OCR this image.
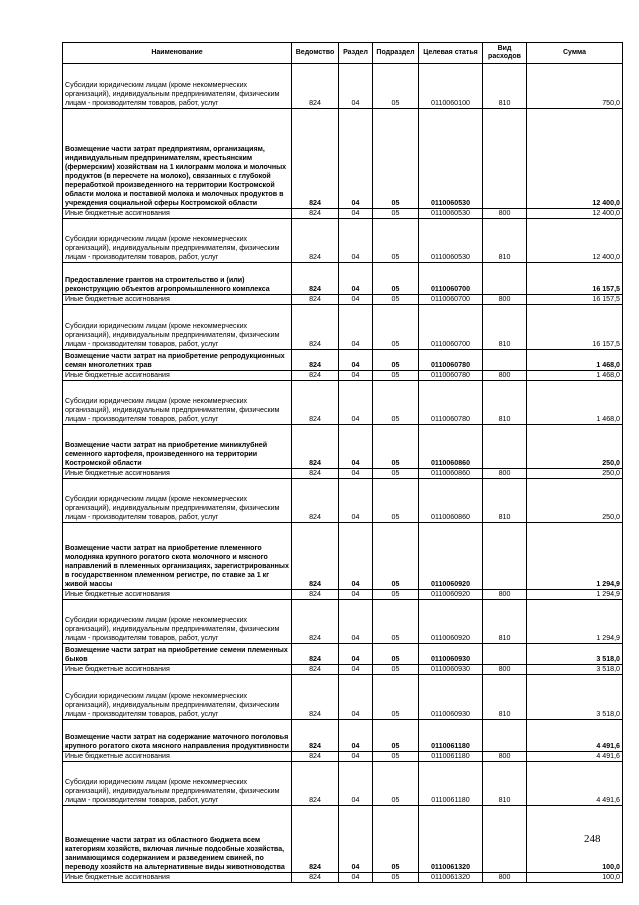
Наименование	Ведомство	Раздел	Подраздел	Целевая статья	Вид расходов	Сумма
Субсидии юридическим лицам (кроме некоммерческих организаций), индивидуальным предпринимателям, физическим лицам - производителям товаров, работ, услуг	824	04	05	0110060100	810	750,0
Возмещение части затрат предприятиям, организациям, индивидуальным предпринимателям, крестьянским (фермерским) хозяйствам на 1 килограмм молока и молочных продуктов (в пересчете на молоко), связанных с глубокой переработкой произведенного на территории Костромской области молока и поставкой молока и молочных продуктов в учреждения социальной сферы Костромской области	824	04	05	0110060530		12 400,0
Иные бюджетные ассигнования	824	04	05	0110060530	800	12 400,0
Субсидии юридическим лицам (кроме некоммерческих организаций), индивидуальным предпринимателям, физическим лицам - производителям товаров, работ, услуг	824	04	05	0110060530	810	12 400,0
Предоставление грантов на строительство и (или) реконструкцию объектов агропромышленного комплекса	824	04	05	0110060700		16 157,5
Иные бюджетные ассигнования	824	04	05	0110060700	800	16 157,5
Субсидии юридическим лицам (кроме некоммерческих организаций), индивидуальным предпринимателям, физическим лицам - производителям товаров, работ, услуг	824	04	05	0110060700	810	16 157,5
Возмещение части затрат на приобретение репродукционных семян многолетних трав	824	04	05	0110060780		1 468,0
Иные бюджетные ассигнования	824	04	05	0110060780	800	1 468,0
Субсидии юридическим лицам (кроме некоммерческих организаций), индивидуальным предпринимателям, физическим лицам - производителям товаров, работ, услуг	824	04	05	0110060780	810	1 468,0
Возмещение части затрат на приобретение миниклубней семенного картофеля, произведенного на территории Костромской области	824	04	05	0110060860		250,0
Иные бюджетные ассигнования	824	04	05	0110060860	800	250,0
Субсидии юридическим лицам (кроме некоммерческих организаций), индивидуальным предпринимателям, физическим лицам - производителям товаров, работ, услуг	824	04	05	0110060860	810	250,0
Возмещение части затрат на приобретение племенного молодняка крупного рогатого скота молочного и мясного направлений в племенных организациях, зарегистрированных в государственном племенном регистре, по ставке за 1 кг живой массы	824	04	05	0110060920		1 294,9
Иные бюджетные ассигнования	824	04	05	0110060920	800	1 294,9
Субсидии юридическим лицам (кроме некоммерческих организаций), индивидуальным предпринимателям, физическим лицам - производителям товаров, работ, услуг	824	04	05	0110060920	810	1 294,9
Возмещение части затрат на приобретение семени племенных быков	824	04	05	0110060930		3 518,0
Иные бюджетные ассигнования	824	04	05	0110060930	800	3 518,0
Субсидии юридическим лицам (кроме некоммерческих организаций), индивидуальным предпринимателям, физическим лицам - производителям товаров, работ, услуг	824	04	05	0110060930	810	3 518,0
Возмещение части затрат на содержание маточного поголовья крупного рогатого скота мясного направления продуктивности	824	04	05	0110061180		4 491,6
Иные бюджетные ассигнования	824	04	05	0110061180	800	4 491,6
Субсидии юридическим лицам (кроме некоммерческих организаций), индивидуальным предпринимателям, физическим лицам - производителям товаров, работ, услуг	824	04	05	0110061180	810	4 491,6
Возмещение части затрат из областного бюджета всем категориям хозяйств, включая личные подсобные хозяйства, занимающимся содержанием и разведением свиней, по переводу хозяйств на альтернативные виды животноводства	824	04	05	0110061320		100,0
Иные бюджетные ассигнования	824	04	05	0110061320	800	100,0
248
